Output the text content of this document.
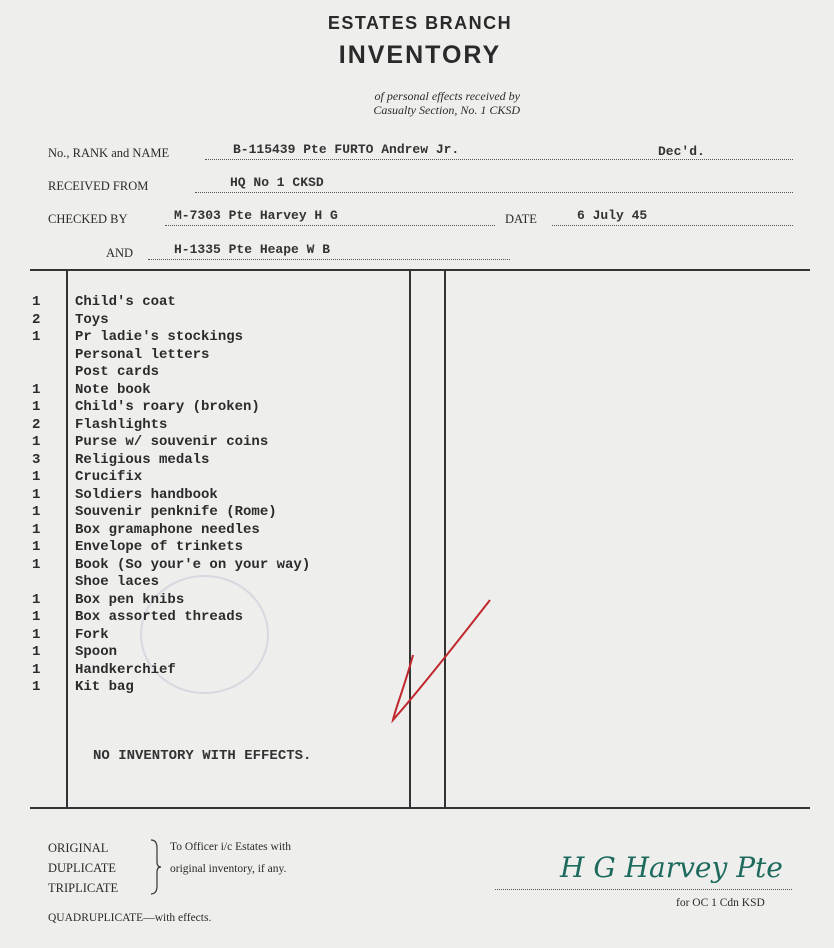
ESTATES BRANCH
INVENTORY
of personal effects received by
Casualty Section, No. 1 CKSD
No., RANK and NAME	B-115439 Pte FURTO Andrew Jr.	Dec'd.
RECEIVED FROM	HQ No 1 CKSD
CHECKED BY	M-7303 Pte Harvey H G	DATE	6 July 45
AND	H-1335 Pte Heape W B
1	Child's coat
2	Toys
1	Pr ladie's stockings
Personal letters
Post cards
1	Note book
1	Child's roary (broken)
2	Flashlights
1	Purse w/ souvenir coins
3	Religious medals
1	Crucifix
1	Soldiers handbook
1	Souvenir penknife (Rome)
1	Box gramaphone needles
1	Envelope of trinkets
1	Book (So your'e on your way)
Shoe laces
1	Box pen knibs
1	Box assorted threads
1	Fork
1	Spoon
1	Handkerchief
1	Kit bag
NO INVENTORY WITH EFFECTS.
ORIGINAL
DUPLICATE
TRIPLICATE
To Officer i/c Estates with
original inventory, if any.
QUADRUPLICATE—with effects.
H G Harvey Pte
for OC 1 Cdn KSD
